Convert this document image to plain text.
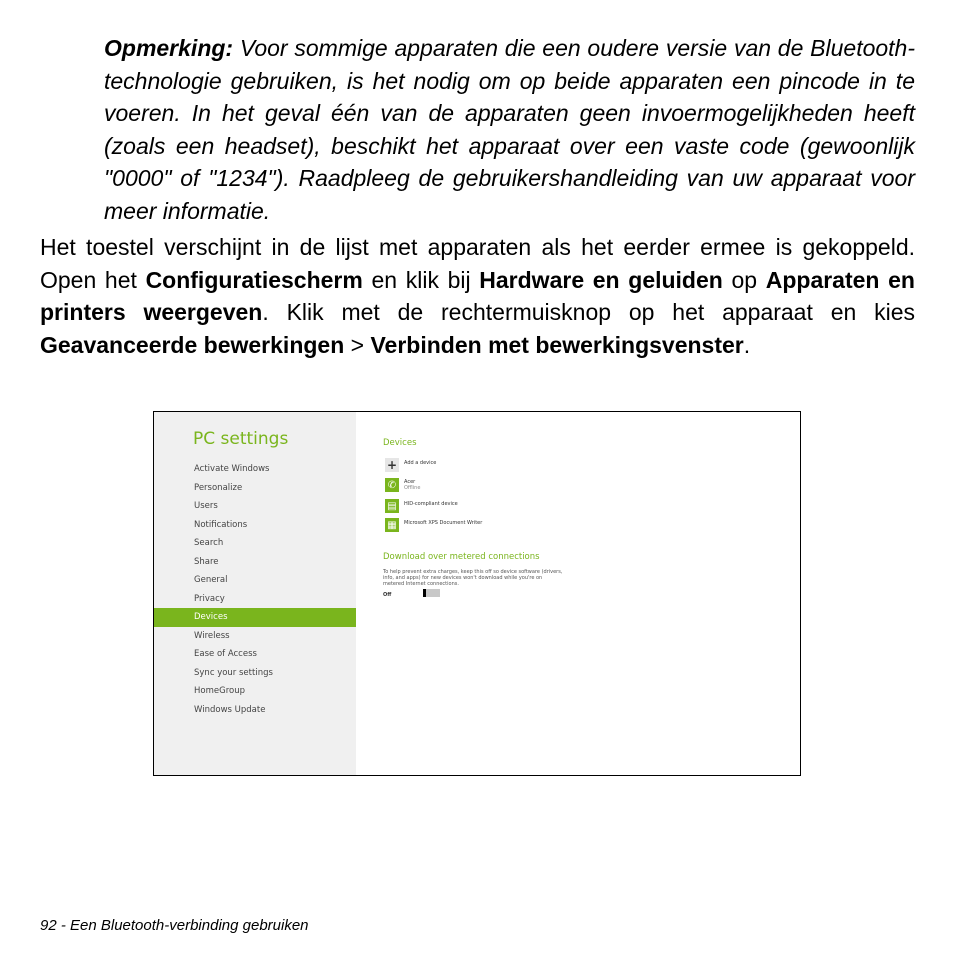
Opmerking: Voor sommige apparaten die een oudere versie van de Bluetooth-technologie gebruiken, is het nodig om op beide apparaten een pincode in te voeren. In het geval één van de apparaten geen invoermogelijkheden heeft (zoals een headset), beschikt het apparaat over een vaste code (gewoonlijk "0000" of "1234"). Raadpleeg de gebruikershandleiding van uw apparaat voor meer informatie.

Het toestel verschijnt in de lijst met apparaten als het eerder ermee is gekoppeld. Open het Configuratiescherm en klik bij Hardware en geluiden op Apparaten en printers weergeven. Klik met de rechtermuisknop op het apparaat en kies Geavanceerde bewerkingen > Verbinden met bewerkingsvenster.

PC settings
Activate Windows
Personalize
Users
Notifications
Search
Share
General
Privacy
Devices
Wireless
Ease of Access
Sync your settings
HomeGroup
Windows Update
Devices
+	Add a device
✆	Acer
Offline
▤	HID-compliant device
▦	Microsoft XPS Document Writer
Download over metered connections
To help prevent extra charges, keep this off so device software (drivers, info, and apps) for new devices won't download while you're on metered Internet connections.
Off
92 - Een Bluetooth-verbinding gebruiken
